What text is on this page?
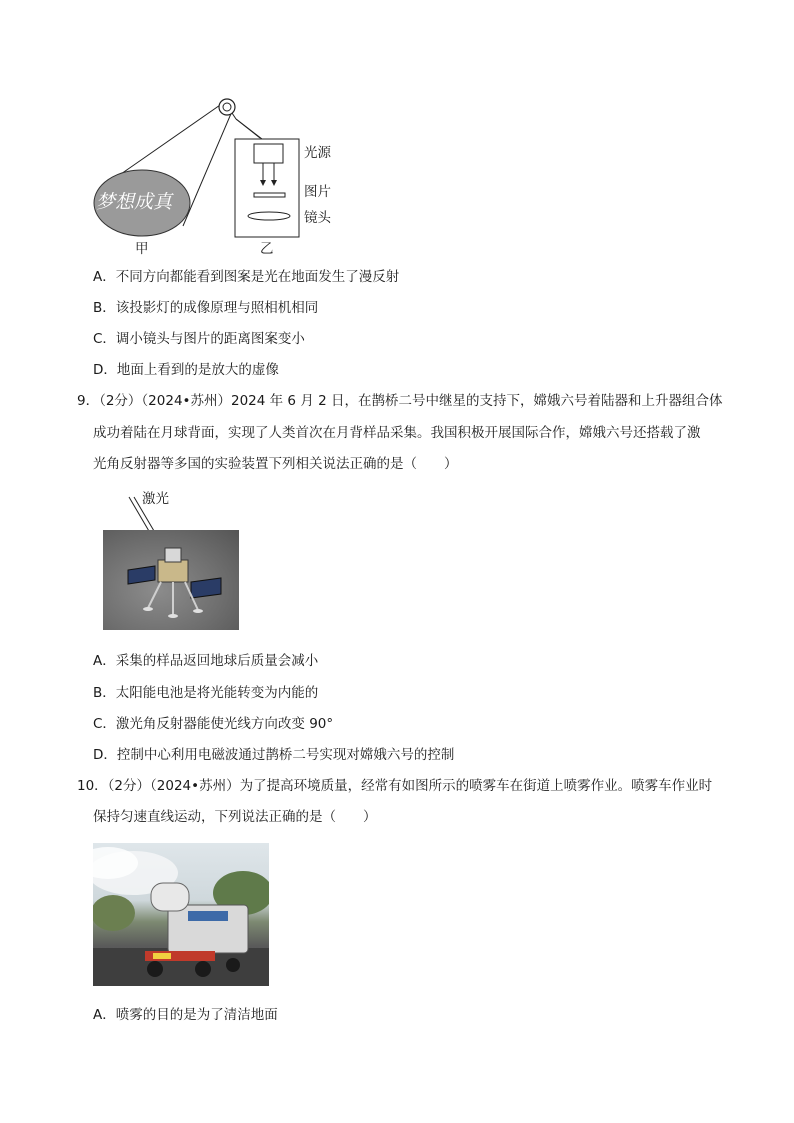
梦想成真
甲	乙
光源
图片
镜头
A．不同方向都能看到图案是光在地面发生了漫反射
B．该投影灯的成像原理与照相机相同
C．调小镜头与图片的距离图案变小
D．地面上看到的是放大的虚像
9．（2分）（2024•苏州）2024 年 6 月 2 日，在鹊桥二号中继星的支持下，嫦娥六号着陆器和上升器组合体
成功着陆在月球背面，实现了人类首次在月背样品采集。我国积极开展国际合作，嫦娥六号还搭载了激
光角反射器等多国的实验装置下列相关说法正确的是（　　）
激光
A．采集的样品返回地球后质量会减小
B．太阳能电池是将光能转变为内能的
C．激光角反射器能使光线方向改变 90°
D．控制中心利用电磁波通过鹊桥二号实现对嫦娥六号的控制
10．（2分）（2024•苏州）为了提高环境质量，经常有如图所示的喷雾车在街道上喷雾作业。喷雾车作业时
保持匀速直线运动，下列说法正确的是（　　）
A．喷雾的目的是为了清洁地面
